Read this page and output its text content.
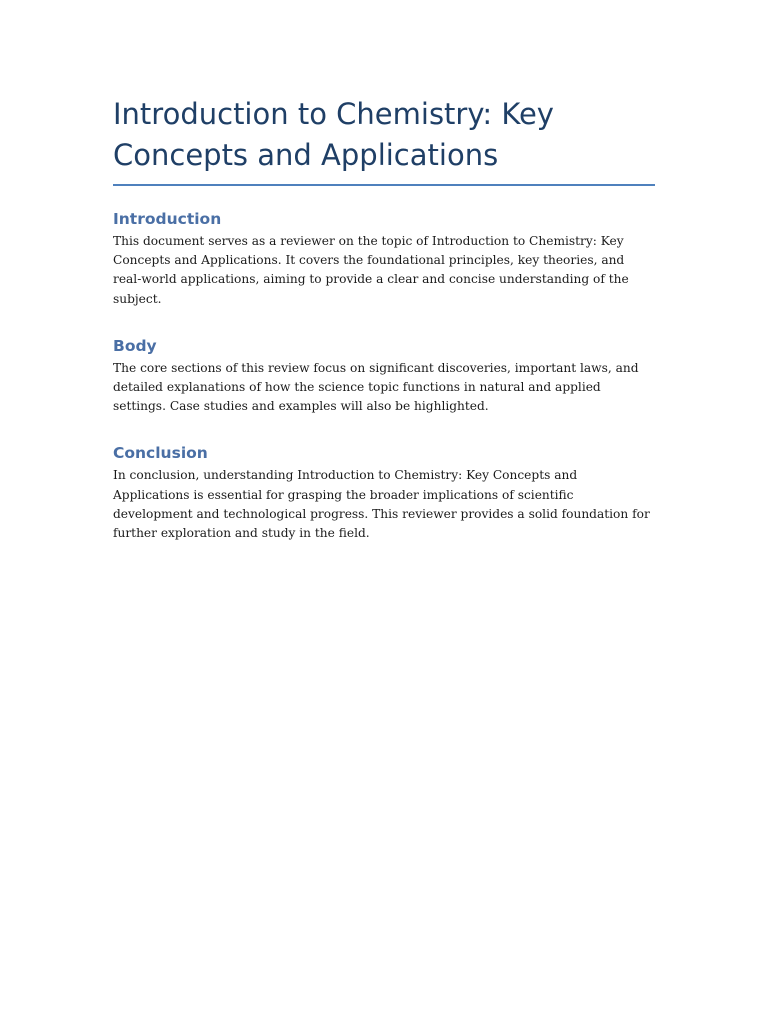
Introduction to Chemistry: Key Concepts and Applications
Introduction

This document serves as a reviewer on the topic of Introduction to Chemistry: Key Concepts and Applications. It covers the foundational principles, key theories, and real-world applications, aiming to provide a clear and concise understanding of the subject.

Body

The core sections of this review focus on significant discoveries, important laws, and detailed explanations of how the science topic functions in natural and applied settings. Case studies and examples will also be highlighted.

Conclusion

In conclusion, understanding Introduction to Chemistry: Key Concepts and Applications is essential for grasping the broader implications of scientific development and technological progress. This reviewer provides a solid foundation for further exploration and study in the field.
